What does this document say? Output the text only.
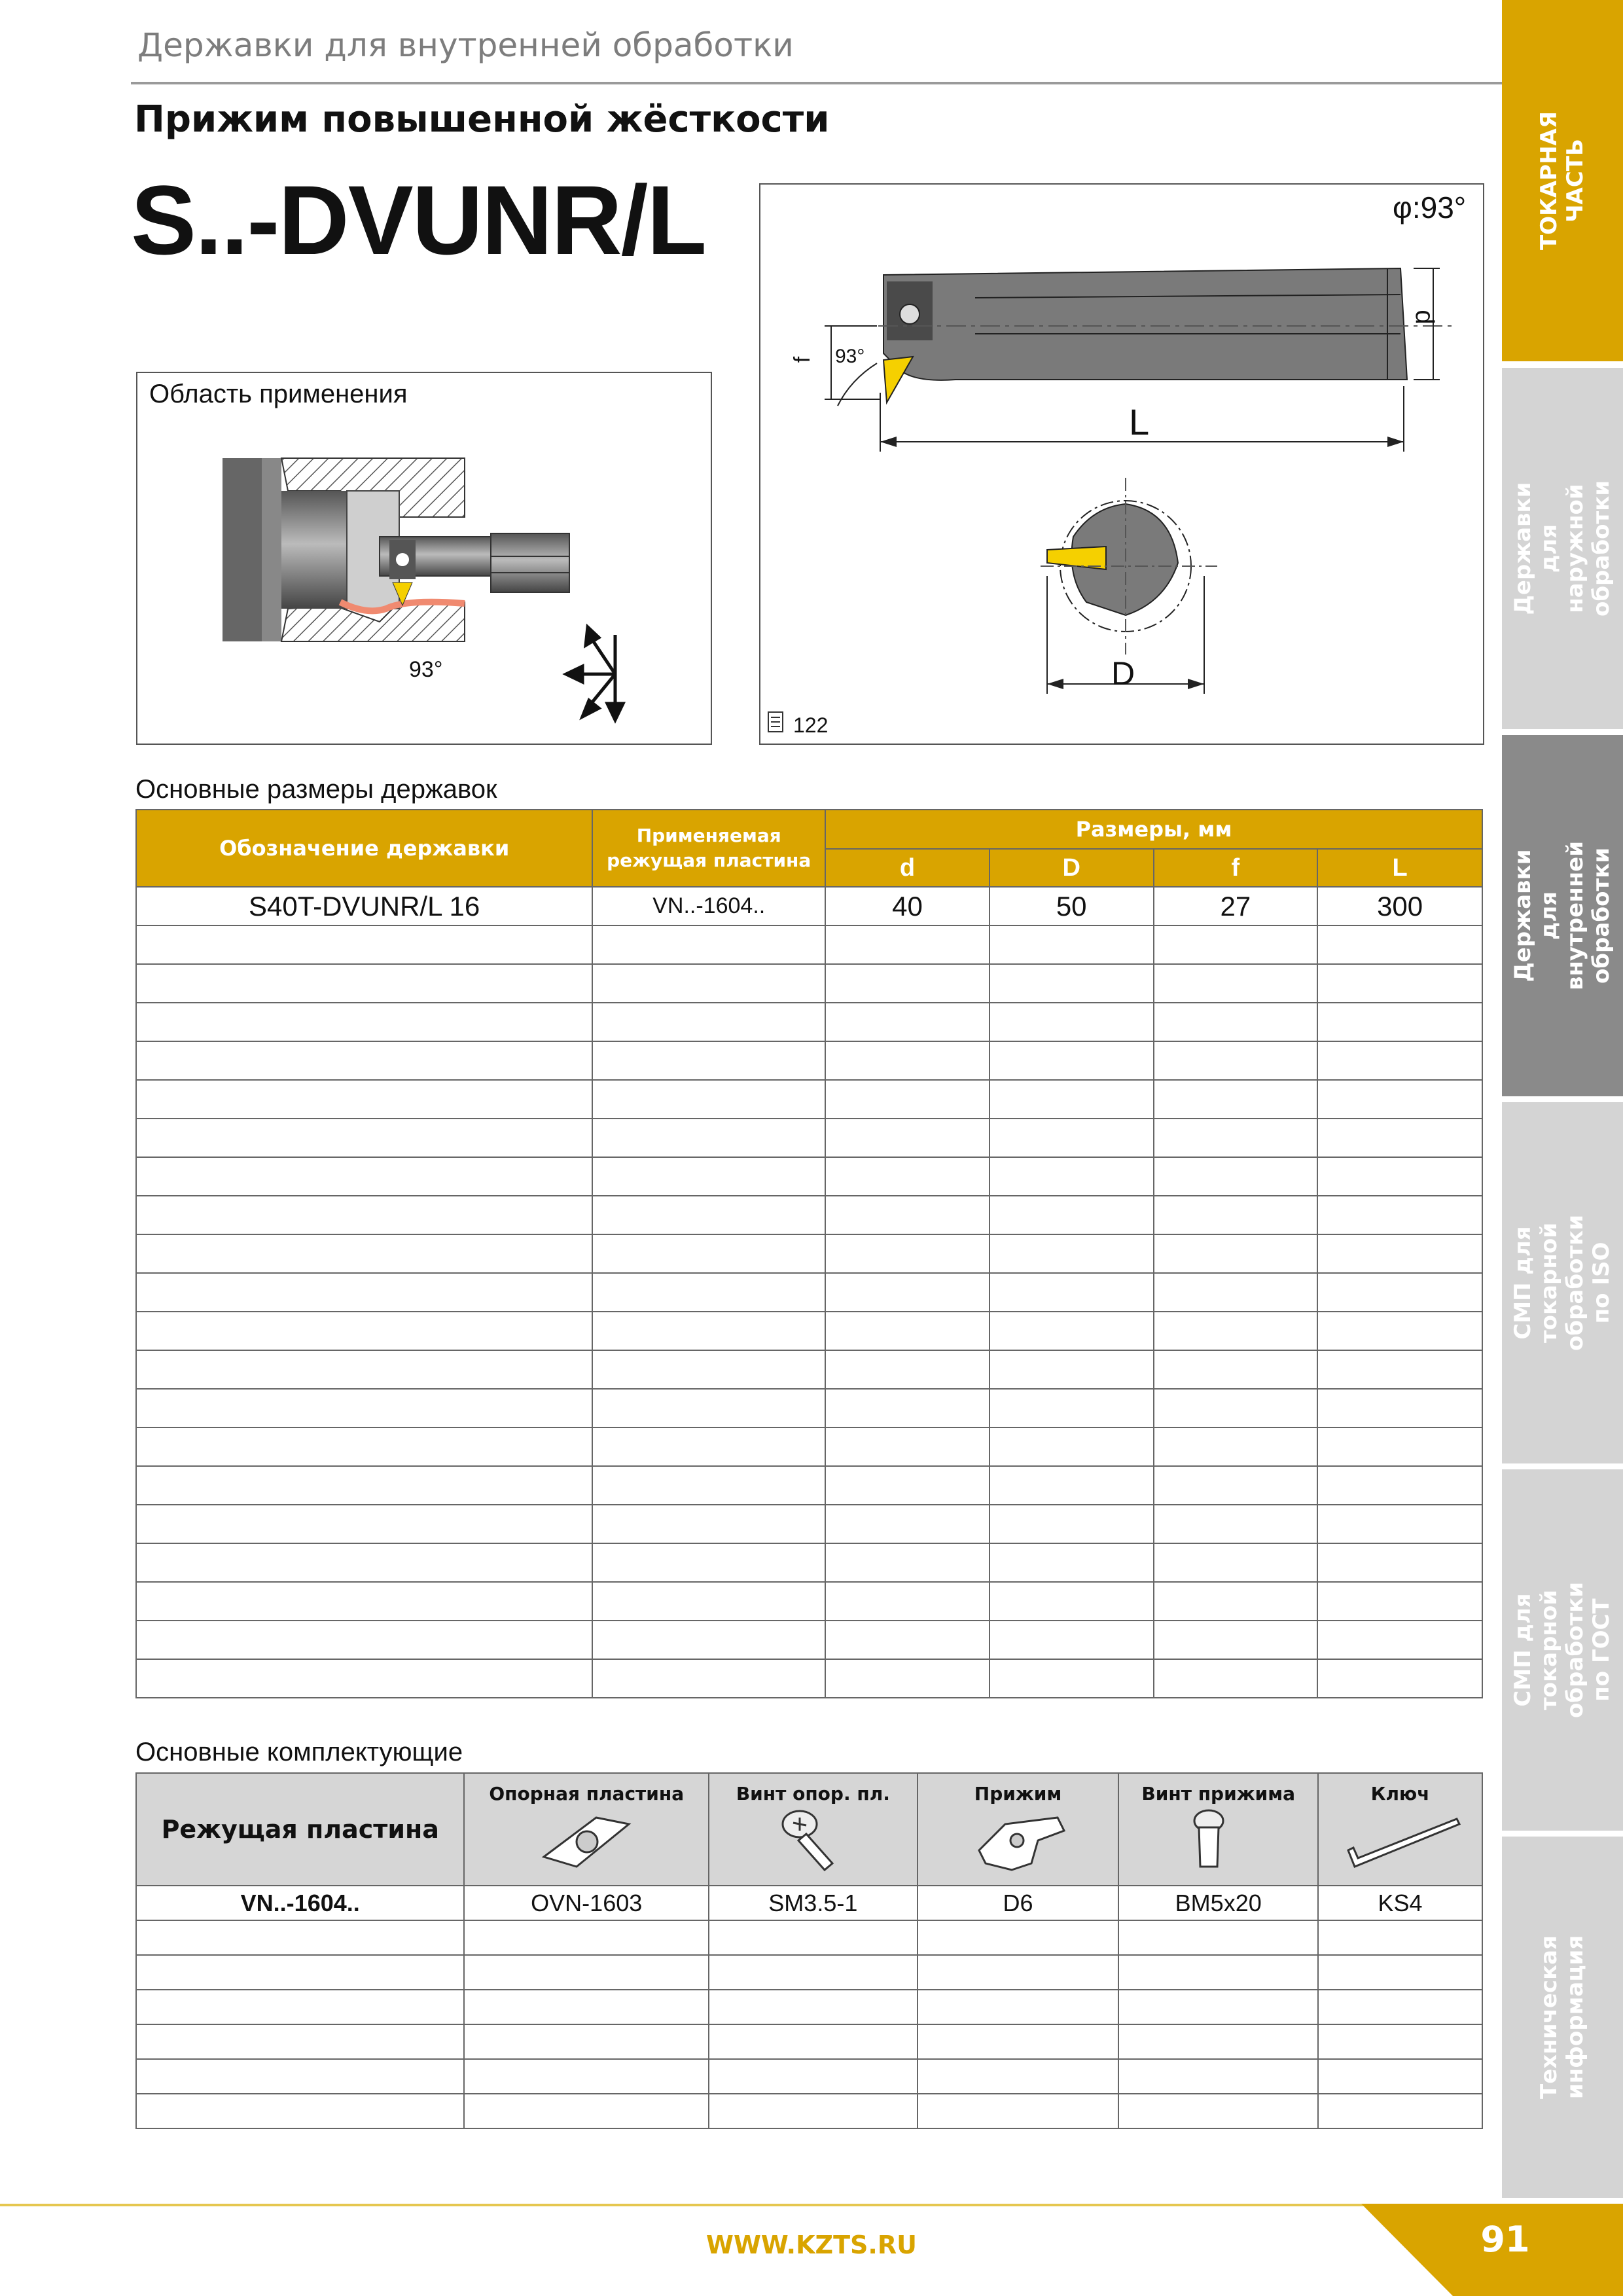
Державки для внутренней обработки
Прижим повышенной жёсткости
S..-DVUNR/L
Область применения
93°
φ:93°
d
f 93°
L
D
122
Основные размеры державок
Обозначение державки	Применяемая режущая пластина	Размеры, мм			
		d	D	f	L
S40T-DVUNR/L 16	VN..-1604..	40	50	27	300

Основные комплектующие
Режущая пластина	Опорная пластина	Винт опор. пл.	Прижим	Винт прижима	Ключ

VN..-1604..	OVN-1603	SM3.5-1	D6	BM5x20	KS4

ТОКАРНАЯ ЧАСТЬ
Державки для наружной обработки
Державки для внутренней обработки
СМП для токарной обработки по ISO
СМП для токарной обработки по ГОСТ
Техническая информация
WWW.KZTS.RU	91
